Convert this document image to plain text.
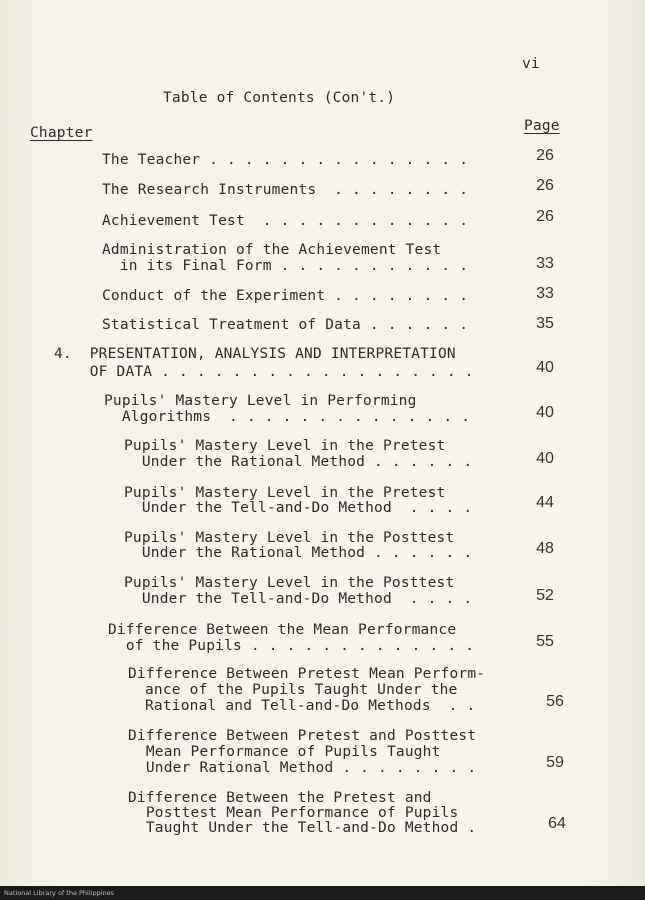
vi
Table of Contents (Con't.)
Chapter	Page
The Teacher . . . . . . . . . . . . . . .	26
The Research Instruments  . . . . . . . .	26
Achievement Test  . . . . . . . . . . . .	26
Administration of the Achievement Test
in its Final Form . . . . . . . . . . .	33
Conduct of the Experiment . . . . . . . .	33
Statistical Treatment of Data . . . . . .	35
4.  PRESENTATION, ANALYSIS AND INTERPRETATION
OF DATA . . . . . . . . . . . . . . . . . .	40
Pupils' Mastery Level in Performing
Algorithms  . . . . . . . . . . . . . .	40
Pupils' Mastery Level in the Pretest
Under the Rational Method . . . . . .	40
Pupils' Mastery Level in the Pretest
Under the Tell-and-Do Method  . . . .	44
Pupils' Mastery Level in the Posttest
Under the Rational Method . . . . . .	48
Pupils' Mastery Level in the Posttest
Under the Tell-and-Do Method  . . . .	52
Difference Between the Mean Performance
of the Pupils . . . . . . . . . . . . .	55
Difference Between Pretest Mean Perform-
ance of the Pupils Taught Under the
Rational and Tell-and-Do Methods  . .	56
Difference Between Pretest and Posttest
Mean Performance of Pupils Taught
Under Rational Method . . . . . . . .	59
Difference Between the Pretest and
Posttest Mean Performance of Pupils
Taught Under the Tell-and-Do Method .	64
National Library of the Philippines
